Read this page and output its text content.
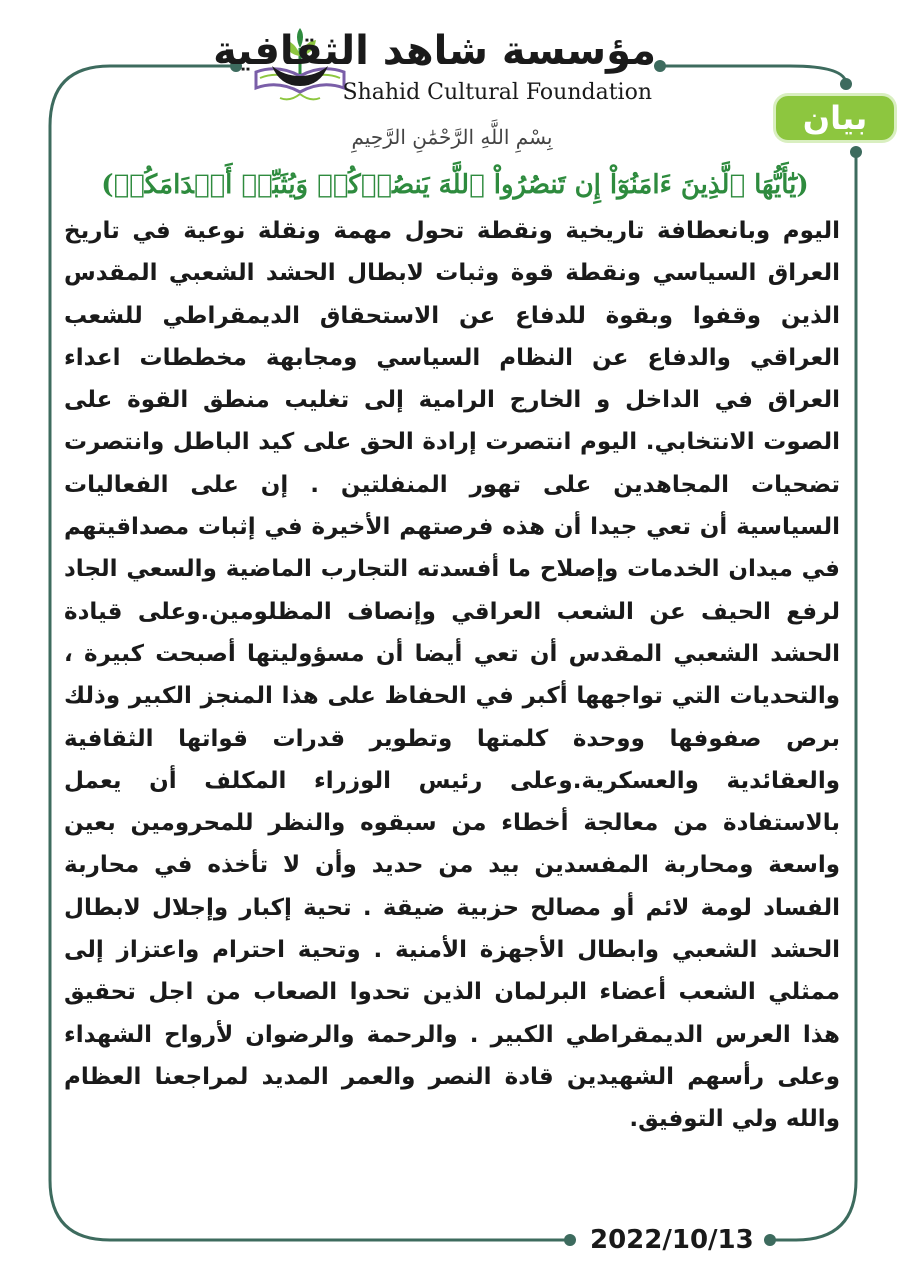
مؤسسة شاهد الثقافية
Shahid Cultural Foundation
بيان
بِسْمِ اللَّهِ الرَّحْمَٰنِ الرَّحِيمِ
(يَٰٓأَيُّهَا ٱلَّذِينَ ءَامَنُوٓاْ إِن تَنصُرُواْ ٱللَّهَ يَنصُرۡكُمۡ وَيُثَبِّتۡ أَقۡدَامَكُمۡ)

اليوم وبانعطافة تاريخية ونقطة تحول مهمة ونقلة نوعية في تاريخ العراق السياسي ونقطة قوة وثبات لابطال الحشد الشعبي المقدس الذين وقفوا وبقوة للدفاع عن الاستحقاق الديمقراطي للشعب العراقي والدفاع عن النظام السياسي ومجابهة مخططات اعداء العراق في الداخل و الخارج الرامية إلى تغليب منطق القوة على الصوت الانتخابي. اليوم انتصرت إرادة الحق على كيد الباطل وانتصرت تضحيات المجاهدين على تهور المنفلتين . إن على الفعاليات السياسية أن تعي جيدا أن هذه فرصتهم الأخيرة في إثبات مصداقيتهم في ميدان الخدمات وإصلاح ما أفسدته التجارب الماضية والسعي الجاد لرفع الحيف عن الشعب العراقي وإنصاف المظلومين.وعلى قيادة الحشد الشعبي المقدس أن تعي أيضا أن مسؤوليتها أصبحت كبيرة ، والتحديات التي تواجهها أكبر في الحفاظ على هذا المنجز الكبير وذلك برص صفوفها ووحدة كلمتها وتطوير قدرات قواتها الثقافية والعقائدية والعسكرية.وعلى رئيس الوزراء المكلف أن يعمل بالاستفادة من معالجة أخطاء من سبقوه والنظر للمحرومين بعين واسعة ومحاربة المفسدين بيد من حديد وأن لا تأخذه في محاربة الفساد لومة لائم أو مصالح حزبية ضيقة . تحية إكبار وإجلال لابطال الحشد الشعبي وابطال الأجهزة الأمنية . وتحية احترام واعتزاز إلى ممثلي الشعب أعضاء البرلمان الذين تحدوا الصعاب من اجل تحقيق هذا العرس الديمقراطي الكبير . والرحمة والرضوان لأرواح الشهداء وعلى رأسهم الشهيدين قادة النصر والعمر المديد لمراجعنا العظام والله ولي التوفيق.

2022/10/13
